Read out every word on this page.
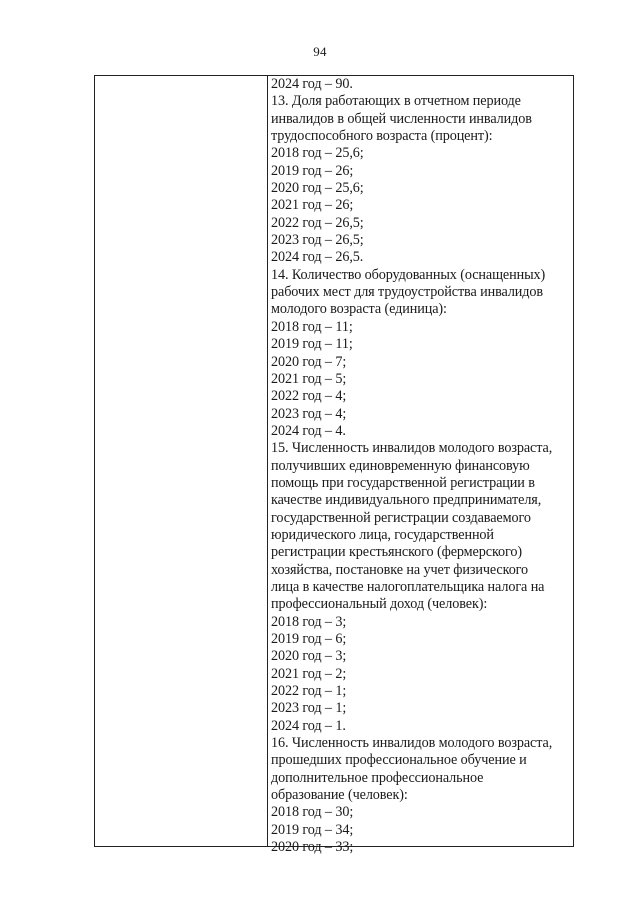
94
2024 год – 90.
13. Доля работающих в отчетном периоде
инвалидов в общей численности инвалидов
трудоспособного возраста (процент):
2018 год – 25,6;
2019 год – 26;
2020 год – 25,6;
2021 год – 26;
2022 год – 26,5;
2023 год – 26,5;
2024 год – 26,5.
14. Количество оборудованных (оснащенных)
рабочих мест для трудоустройства инвалидов
молодого возраста (единица):
2018 год – 11;
2019 год – 11;
2020 год – 7;
2021 год – 5;
2022 год – 4;
2023 год – 4;
2024 год – 4.
15. Численность инвалидов молодого возраста,
получивших единовременную финансовую
помощь при государственной регистрации в
качестве индивидуального предпринимателя,
государственной регистрации создаваемого
юридического лица, государственной
регистрации крестьянского (фермерского)
хозяйства, постановке на учет физического
лица в качестве налогоплательщика налога на
профессиональный доход (человек):
2018 год – 3;
2019 год – 6;
2020 год – 3;
2021 год – 2;
2022 год – 1;
2023 год – 1;
2024 год – 1.
16. Численность инвалидов молодого возраста,
прошедших профессиональное обучение и
дополнительное профессиональное
образование (человек):
2018 год – 30;
2019 год – 34;
2020 год – 33;
